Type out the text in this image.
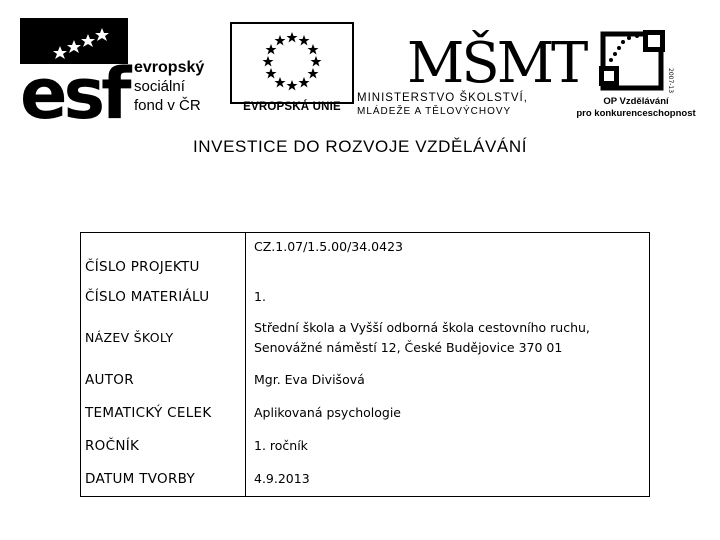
esf evropský
sociální
fond v ČR	EVROPSKÁ UNIE
MŠMT
MINISTERSTVO ŠKOLSTVÍ,
MLÁDEŽE A TĚLOVÝCHOVY
2007-13
OP Vzdělávání
pro konkurenceschopnost
INVESTICE DO ROZVOJE VZDĚLÁVÁNÍ
ČÍSLO PROJEKTU	CZ.1.07/1.5.00/34.0423
ČÍSLO MATERIÁLU	1.
NÁZEV ŠKOLY	Střední škola a Vyšší odborná škola cestovního ruchu,
Senovážné náměstí 12, České Budějovice 370 01

AUTOR	Mgr. Eva Divišová
TEMATICKÝ CELEK	Aplikovaná psychologie
ROČNÍK	1. ročník
DATUM TVORBY	4.9.2013
